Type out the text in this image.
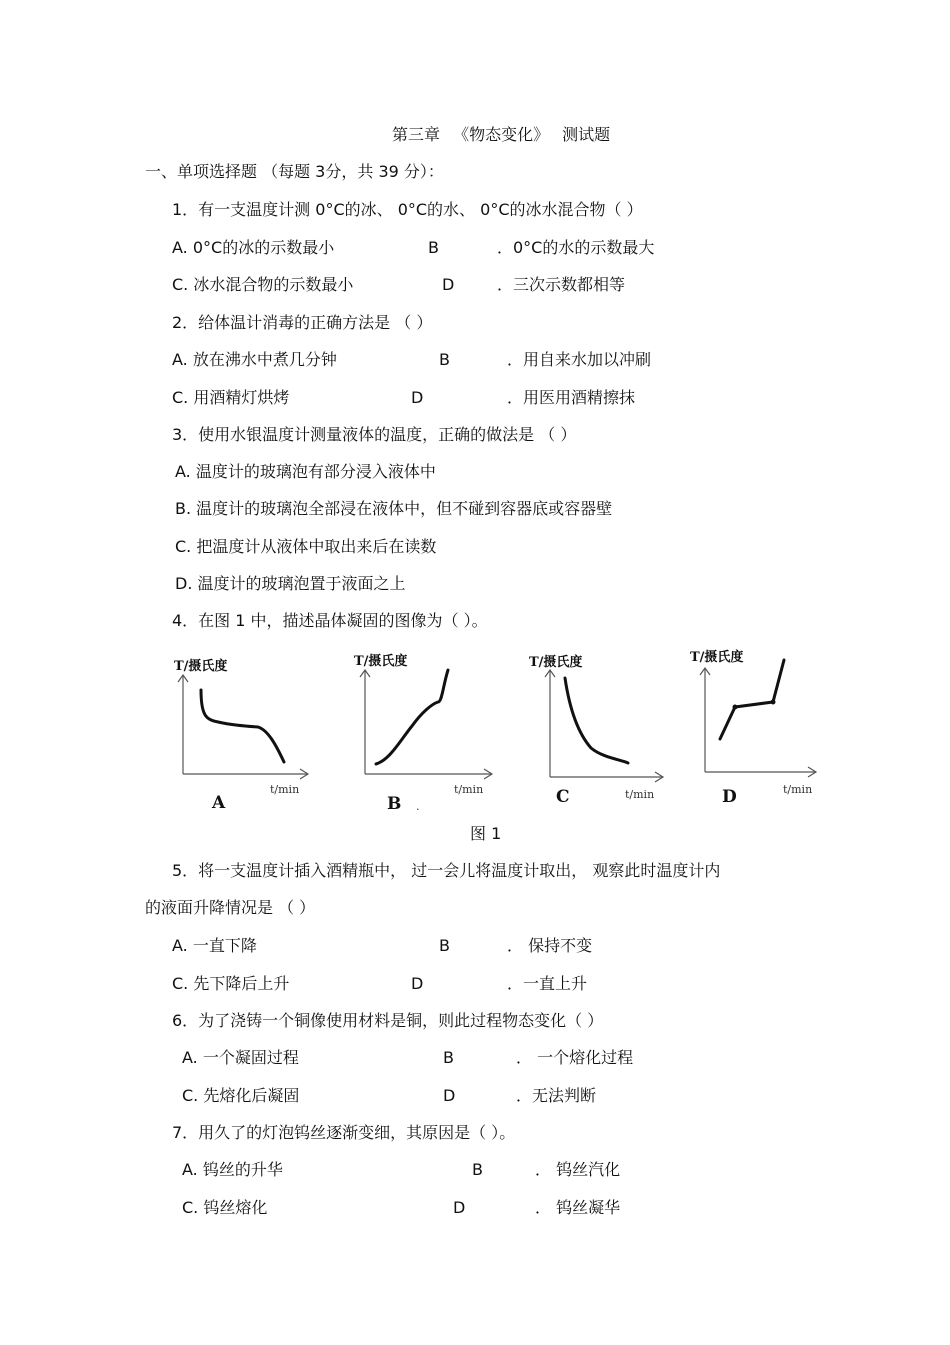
第三章 《物态变化》 测试题
一、单项选择题 （每题 3分，共 39 分）：
1．有一支温度计测 0°C的冰、 0°C的水、 0°C的冰水混合物（ ）
A. 0°C的冰的示数最小	B	．0°C的水的示数最大
C. 冰水混合物的示数最小	D	．三次示数都相等
2．给体温计消毒的正确方法是 （ ）
A. 放在沸水中煮几分钟	B	．用自来水加以冲刷
C. 用酒精灯烘烤	D	．用医用酒精擦抹
3．使用水银温度计测量液体的温度，正确的做法是 （ ）
A. 温度计的玻璃泡有部分浸入液体中
B. 温度计的玻璃泡全部浸在液体中，但不碰到容器底或容器壁
C. 把温度计从液体中取出来后在读数
D. 温度计的玻璃泡置于液面之上
4．在图 1 中，描述晶体凝固的图像为（ ）。
T/摄氏度
t/min
A
T/摄氏度
t/min
B .
T/摄氏度
t/min
C
T/摄氏度
t/min
D
图 1
5．将一支温度计插入酒精瓶中， 过一会儿将温度计取出， 观察此时温度计内
的液面升降情况是 （ ）
A. 一直下降	B	． 保持不变
C. 先下降后上升	D	．一直上升
6．为了浇铸一个铜像使用材料是铜，则此过程物态变化（ ）
A. 一个凝固过程	B	． 一个熔化过程
C. 先熔化后凝固	D	．无法判断
7．用久了的灯泡钨丝逐渐变细，其原因是（ ）。
A. 钨丝的升华	B	． 钨丝汽化
C. 钨丝熔化	D	． 钨丝凝华
